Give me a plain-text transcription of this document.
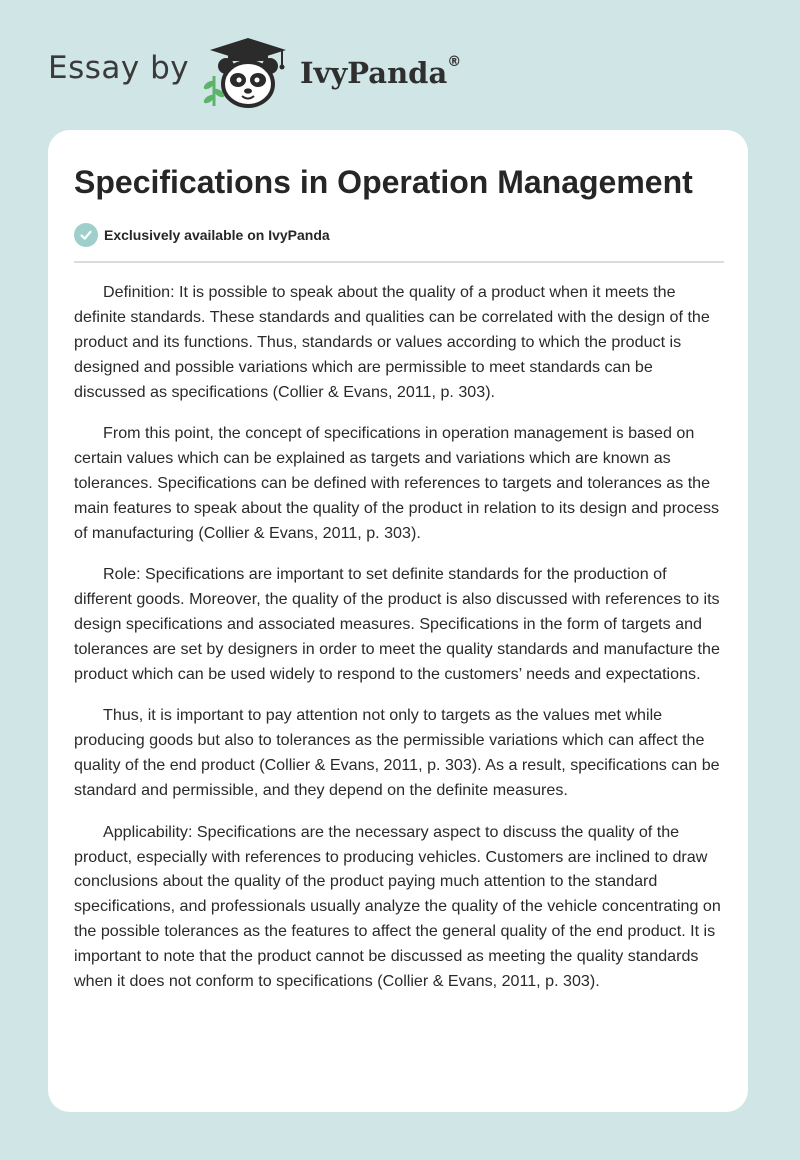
Essay by	IvyPanda®
Specifications in Operation Management
Exclusively available on IvyPanda

Definition: It is possible to speak about the quality of a product when it meets the definite standards. These standards and qualities can be correlated with the design of the product and its functions. Thus, standards or values according to which the product is designed and possible variations which are permissible to meet standards can be discussed as specifications (Collier & Evans, 2011, p. 303).

From this point, the concept of specifications in operation management is based on certain values which can be explained as targets and variations which are known as tolerances. Specifications can be defined with references to targets and tolerances as the main features to speak about the quality of the product in relation to its design and process of manufacturing (Collier & Evans, 2011, p. 303).

Role: Specifications are important to set definite standards for the production of different goods. Moreover, the quality of the product is also discussed with references to its design specifications and associated measures. Specifications in the form of targets and tolerances are set by designers in order to meet the quality standards and manufacture the product which can be used widely to respond to the customers’ needs and expectations.

Thus, it is important to pay attention not only to targets as the values met while producing goods but also to tolerances as the permissible variations which can affect the quality of the end product (Collier & Evans, 2011, p. 303). As a result, specifications can be standard and permissible, and they depend on the definite measures.

Applicability: Specifications are the necessary aspect to discuss the quality of the product, especially with references to producing vehicles. Customers are inclined to draw conclusions about the quality of the product paying much attention to the standard specifications, and professionals usually analyze the quality of the vehicle concentrating on the possible tolerances as the features to affect the general quality of the end product. It is important to note that the product cannot be discussed as meeting the quality standards when it does not conform to specifications (Collier & Evans, 2011, p. 303).
